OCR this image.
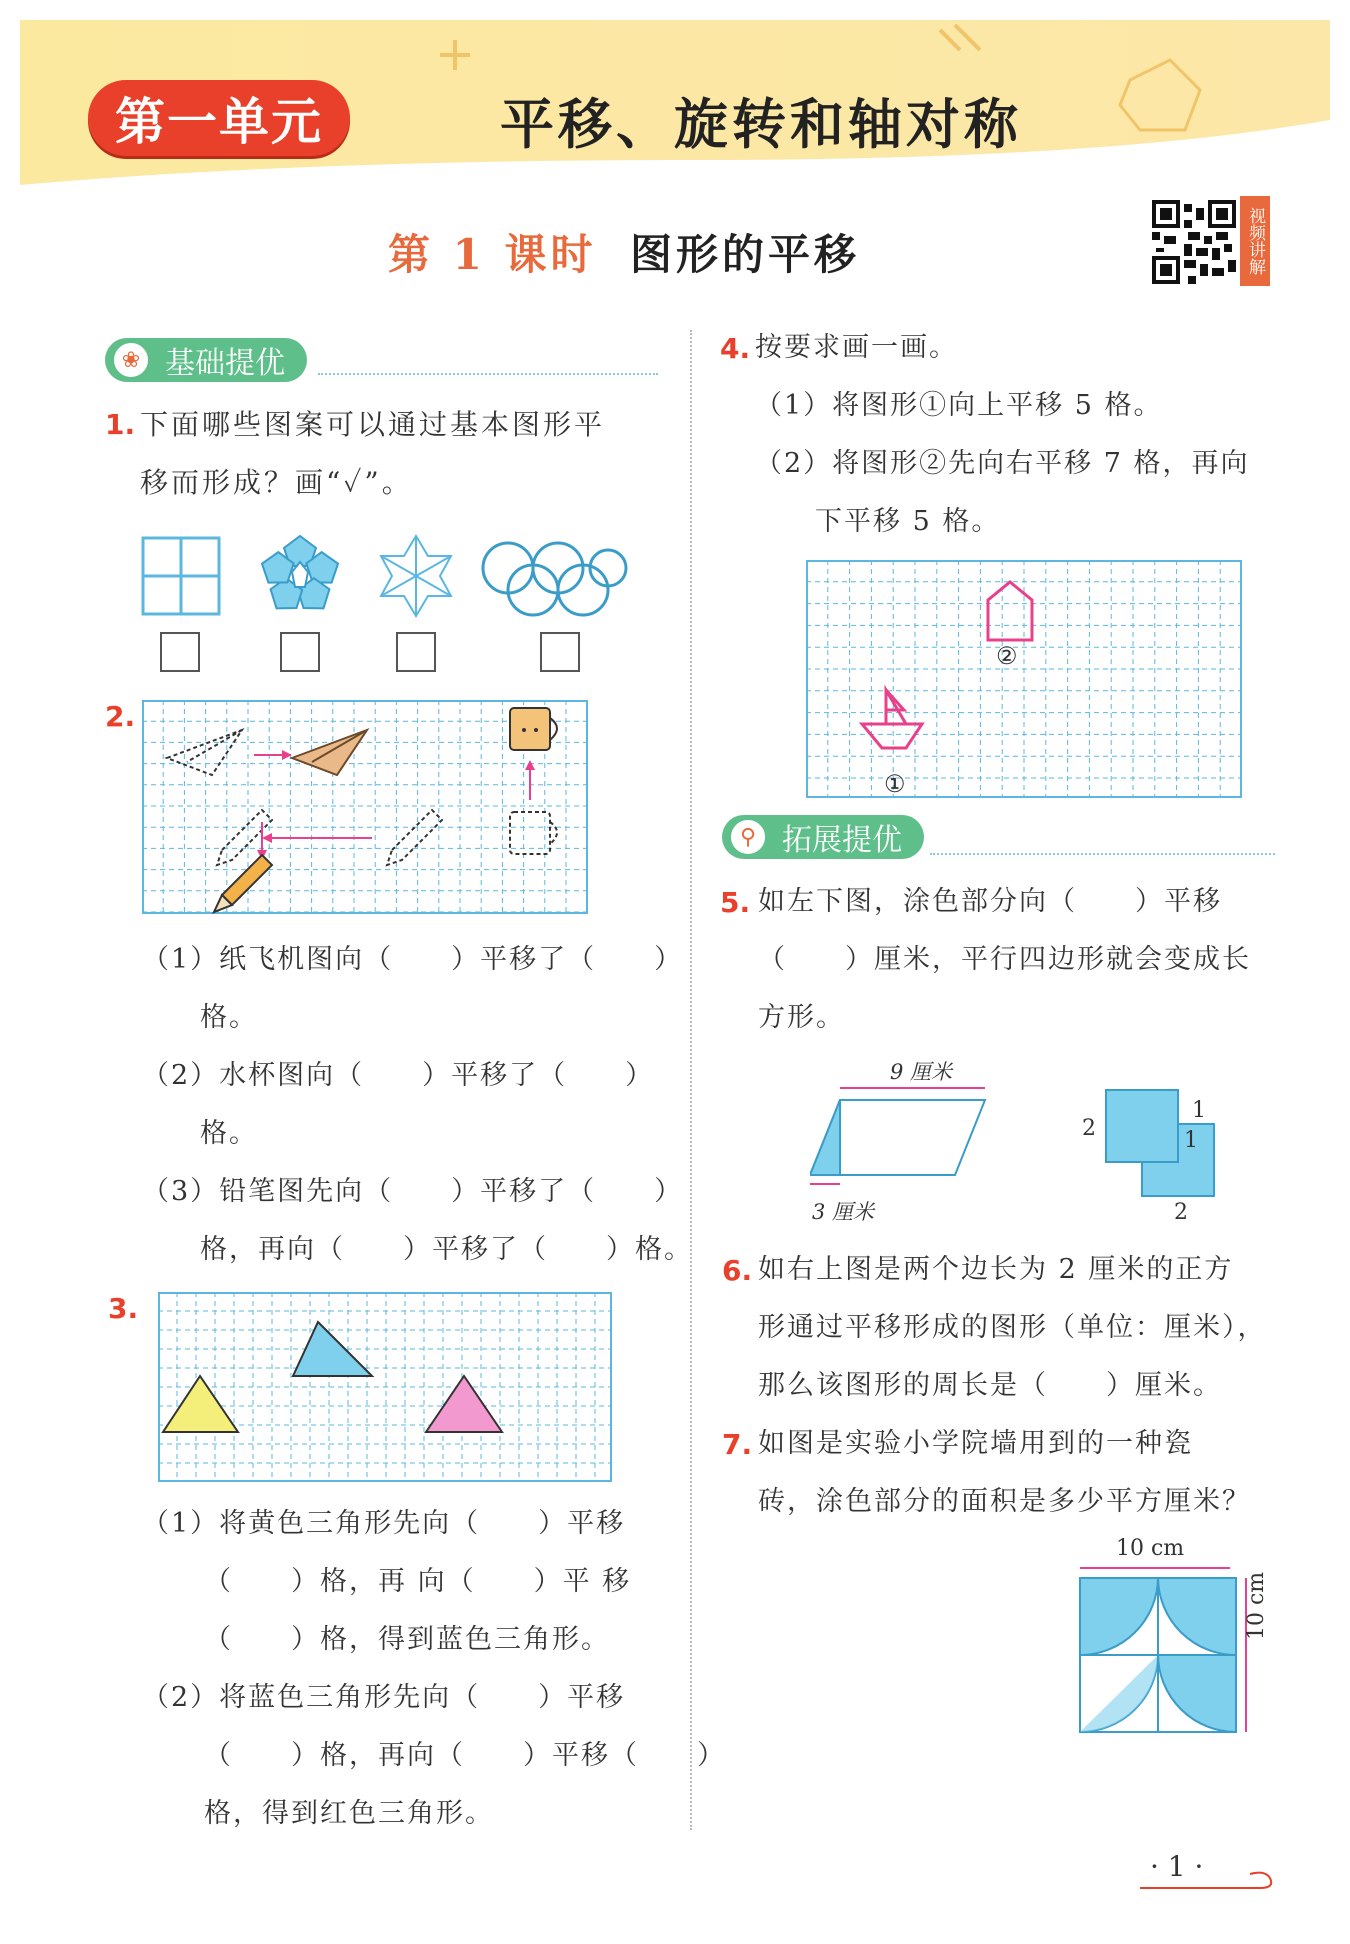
第一单元	平移、旋转和轴对称
第 1 课时 图形的平移	视频讲解
❀ 基础提优
1. 下面哪些图案可以通过基本图形平
移而形成？画“✓”。
2.
（1）纸飞机图向（　　）平移了（　　）
格。
（2）水杯图向（　　）平移了（　　）
格。
（3）铅笔图先向（　　）平移了（　　）
格，再向（　　）平移了（　　）格。
3.
（1）将黄色三角形先向（　　）平移
（　　）格，再 向（　　）平 移
（　　）格，得到蓝色三角形。
（2）将蓝色三角形先向（　　）平移
（　　）格，再向（　　）平移（　　）
格，得到红色三角形。
4. 按要求画一画。
（1）将图形①向上平移 5 格。
（2）将图形②先向右平移 7 格，再向
下平移 5 格。
②
①
⚲ 拓展提优
5. 如左下图，涂色部分向（　　）平移
（　　）厘米，平行四边形就会变成长
方形。
9 厘米
3 厘米
2
1
1
2
6. 如右上图是两个边长为 2 厘米的正方
形通过平移形成的图形（单位：厘米），
那么该图形的周长是（　　）厘米。
7. 如图是实验小学院墙用到的一种瓷
砖，涂色部分的面积是多少平方厘米？
10 cm
10 cm
· 1 ·
